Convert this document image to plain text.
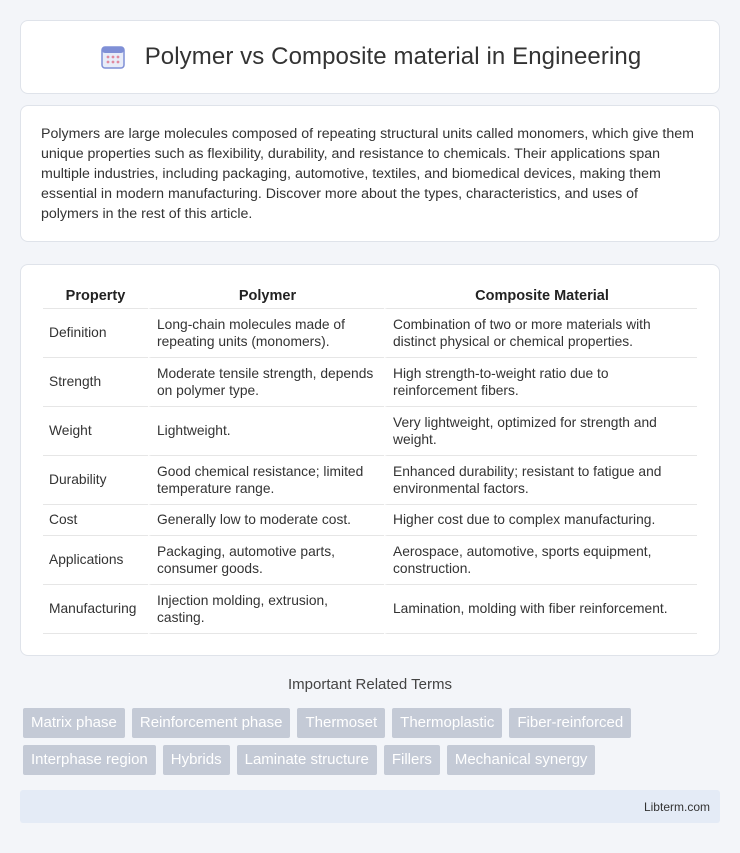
Polymer vs Composite material in Engineering

Polymers are large molecules composed of repeating structural units called monomers, which give them unique properties such as flexibility, durability, and resistance to chemicals. Their applications span multiple industries, including packaging, automotive, textiles, and biomedical devices, making them essential in modern manufacturing. Discover more about the types, characteristics, and uses of polymers in the rest of this article.

Property	Polymer	Composite Material
Definition	Long-chain molecules made of repeating units (monomers).	Combination of two or more materials with distinct physical or chemical properties.
Strength	Moderate tensile strength, depends on polymer type.	High strength-to-weight ratio due to reinforcement fibers.
Weight	Lightweight.	Very lightweight, optimized for strength and weight.
Durability	Good chemical resistance; limited temperature range.	Enhanced durability; resistant to fatigue and environmental factors.
Cost	Generally low to moderate cost.	Higher cost due to complex manufacturing.
Applications	Packaging, automotive parts, consumer goods.	Aerospace, automotive, sports equipment, construction.
Manufacturing	Injection molding, extrusion, casting.	Lamination, molding with fiber reinforcement.
Important Related Terms
Matrix phase	Reinforcement phase	Thermoset	Thermoplastic	Fiber-reinforced
Interphase region	Hybrids	Laminate structure	Fillers	Mechanical synergy
Libterm.com
